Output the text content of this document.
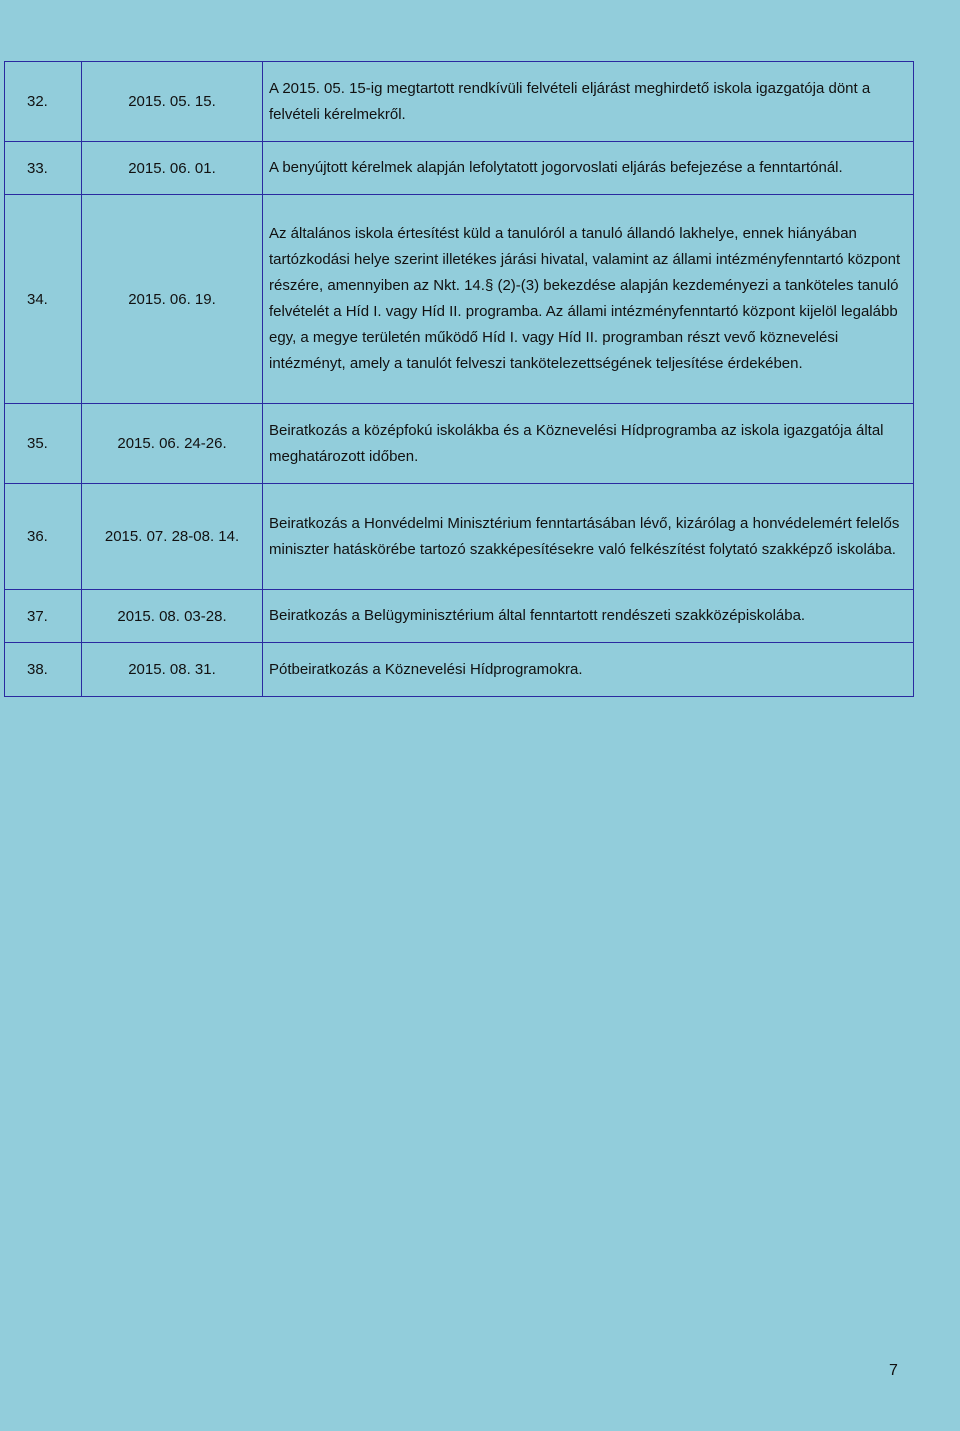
32.	2015. 05. 15.	A 2015. 05. 15-ig megtartott rendkívüli felvételi eljárást meghirdető iskola igazgatója dönt a felvételi kérelmekről.
33.	2015. 06. 01.	A benyújtott kérelmek alapján lefolytatott jogorvoslati eljárás befejezése a fenntartónál.
34.	2015. 06. 19.	Az általános iskola értesítést küld a tanulóról a tanuló állandó lakhelye, ennek hiányában tartózkodási helye szerint illetékes járási hivatal, valamint az állami intézményfenntartó központ részére, amennyiben az Nkt. 14.§ (2)-(3) bekezdése alapján kezdeményezi a tanköteles tanuló felvételét a Híd I. vagy Híd II. programba. Az állami intézményfenntartó központ kijelöl legalább egy, a megye területén működő Híd I. vagy Híd II. programban részt vevő köznevelési intézményt, amely a tanulót felveszi tankötelezettségének teljesítése érdekében.
35.	2015. 06. 24-26.	Beiratkozás a középfokú iskolákba és a Köznevelési Hídprogramba az iskola igazgatója által meghatározott időben.
36.	2015. 07. 28-08. 14.	Beiratkozás a Honvédelmi Minisztérium fenntartásában lévő, kizárólag a honvédelemért felelős miniszter hatáskörébe tartozó szakképesítésekre való felkészítést folytató szakképző iskolába.
37.	2015. 08. 03-28.	Beiratkozás a Belügyminisztérium által fenntartott rendészeti szakközépiskolába.
38.	2015. 08. 31.	Pótbeiratkozás a Köznevelési Hídprogramokra.
7
